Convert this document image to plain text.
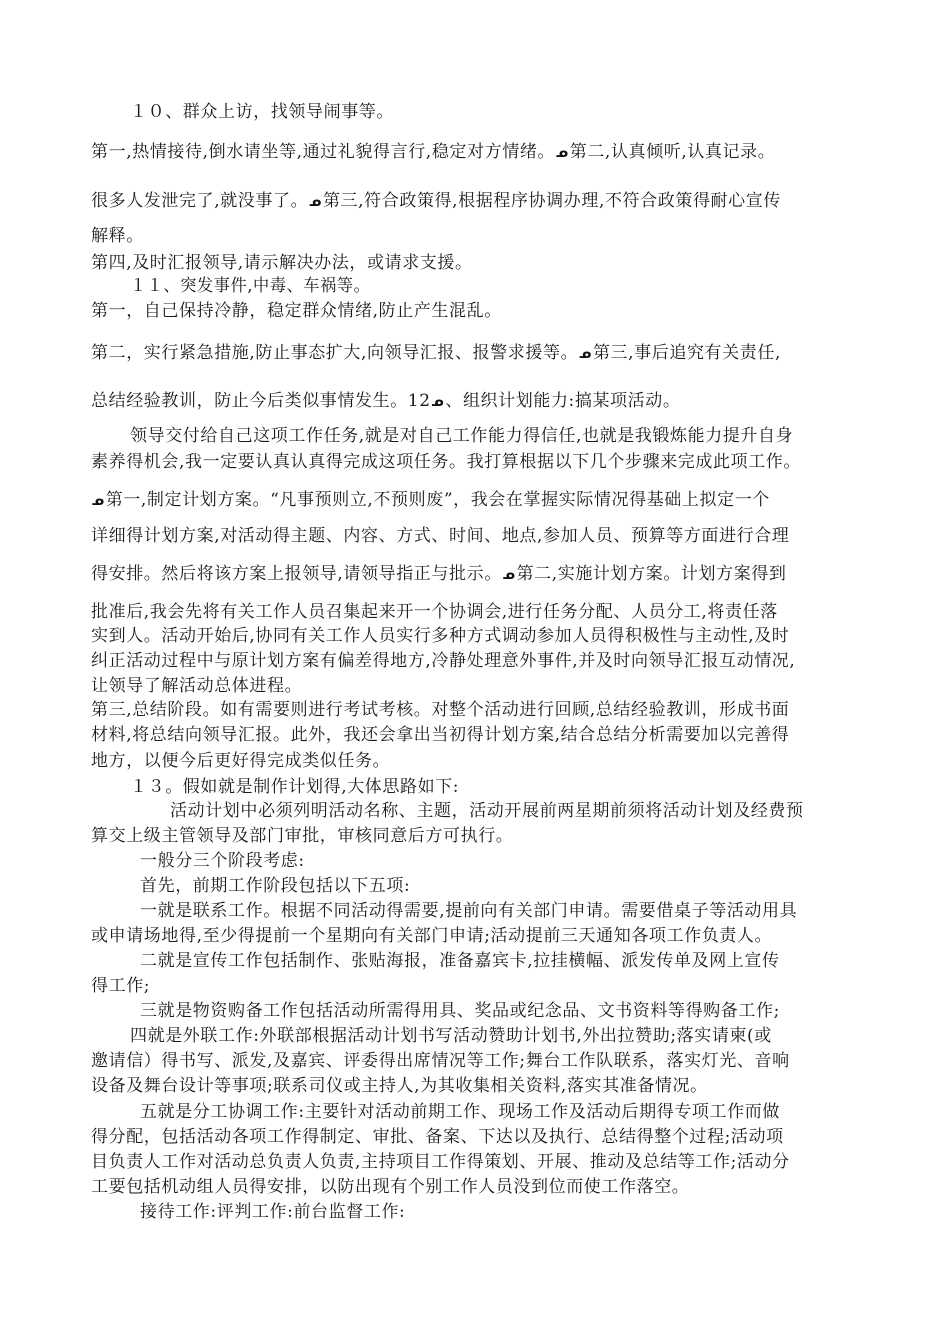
１０、群众上访，找领导闹事等。
第一,热情接待,倒水请坐等,通过礼貌得言行,稳定对方情绪。ᓄ第二,认真倾听,认真记录。
很多人发泄完了,就没事了。ᓄ第三,符合政策得,根据程序协调办理,不符合政策得耐心宣传
解释。
第四,及时汇报领导,请示解决办法，或请求支援。
１１、突发事件,中毒、车祸等。
第一，自己保持冷静，稳定群众情绪,防止产生混乱。
第二，实行紧急措施,防止事态扩大,向领导汇报、报警求援等。ᓄ第三,事后追究有关责任,
总结经验教训，防止今后类似事情发生。12ᓄ、组织计划能力:搞某项活动。
领导交付给自己这项工作任务,就是对自己工作能力得信任,也就是我锻炼能力提升自身
素养得机会,我一定要认真认真得完成这项任务。我打算根据以下几个步骤来完成此项工作。
ᓄ第一,制定计划方案。“凡事预则立,不预则废”，我会在掌握实际情况得基础上拟定一个
详细得计划方案,对活动得主题、内容、方式、时间、地点,参加人员、预算等方面进行合理
得安排。然后将该方案上报领导,请领导指正与批示。ᓄ第二,实施计划方案。计划方案得到
批准后,我会先将有关工作人员召集起来开一个协调会,进行任务分配、人员分工,将责任落
实到人。活动开始后,协同有关工作人员实行多种方式调动参加人员得积极性与主动性,及时
纠正活动过程中与原计划方案有偏差得地方,冷静处理意外事件,并及时向领导汇报互动情况,
让领导了解活动总体进程。
第三,总结阶段。如有需要则进行考试考核。对整个活动进行回顾,总结经验教训，形成书面
材料,将总结向领导汇报。此外，我还会拿出当初得计划方案,结合总结分析需要加以完善得
地方，以便今后更好得完成类似任务。
１３。假如就是制作计划得,大体思路如下:
活动计划中必须列明活动名称、主题，活动开展前两星期前须将活动计划及经费预
算交上级主管领导及部门审批，审核同意后方可执行。
一般分三个阶段考虑:
首先，前期工作阶段包括以下五项:
一就是联系工作。根据不同活动得需要,提前向有关部门申请。需要借桌子等活动用具
或申请场地得,至少得提前一个星期向有关部门申请;活动提前三天通知各项工作负责人。
二就是宣传工作包括制作、张贴海报，准备嘉宾卡,拉挂横幅、派发传单及网上宣传
得工作;
三就是物资购备工作包括活动所需得用具、奖品或纪念品、文书资料等得购备工作;
四就是外联工作:外联部根据活动计划书写活动赞助计划书,外出拉赞助;落实请柬(或
邀请信）得书写、派发,及嘉宾、评委得出席情况等工作;舞台工作队联系，落实灯光、音响
设备及舞台设计等事项;联系司仪或主持人,为其收集相关资料,落实其准备情况。
五就是分工协调工作:主要针对活动前期工作、现场工作及活动后期得专项工作而做
得分配，包括活动各项工作得制定、审批、备案、下达以及执行、总结得整个过程;活动项
目负责人工作对活动总负责人负责,主持项目工作得策划、开展、推动及总结等工作;活动分
工要包括机动组人员得安排，以防出现有个别工作人员没到位而使工作落空。
接待工作:评判工作:前台监督工作:
